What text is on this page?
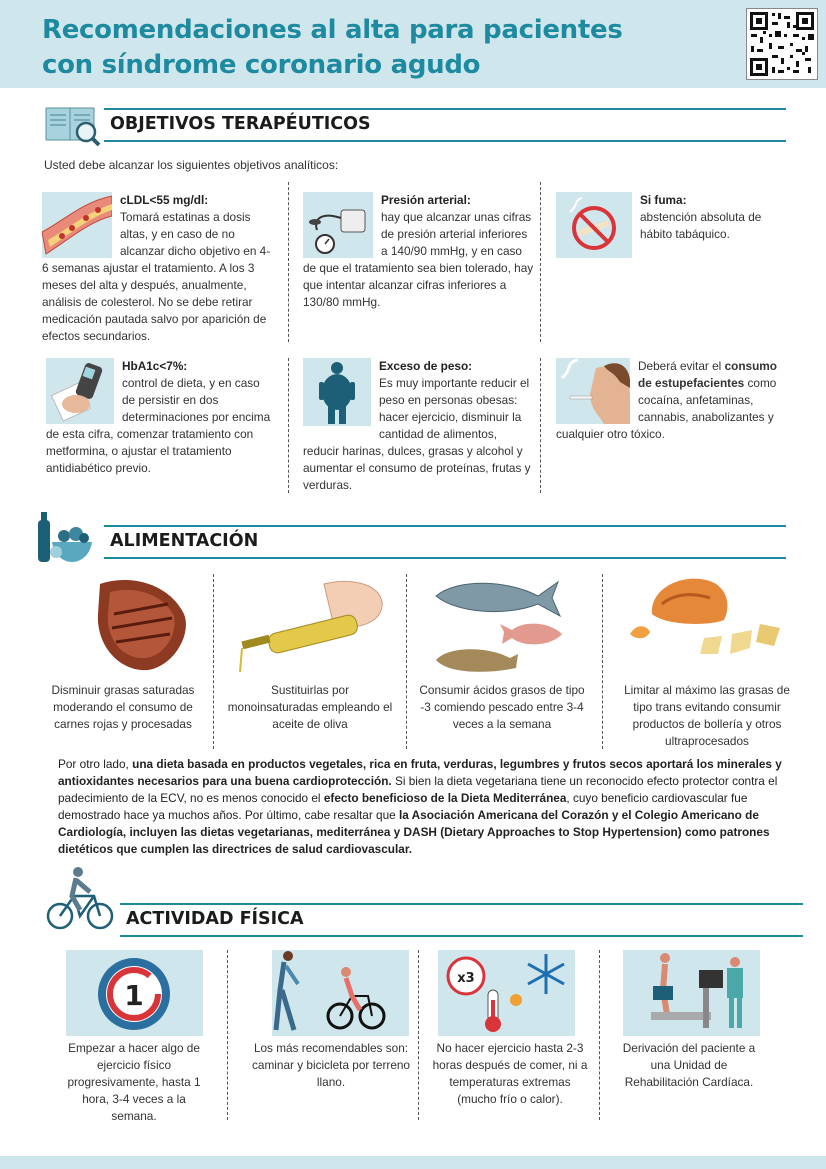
Recomendaciones al alta para pacientes
con síndrome coronario agudo
OBJETIVOS TERAPÉUTICOS
Usted debe alcanzar los siguientes objetivos analíticos:
cLDL<55 mg/dl:
Tomará estatinas a dosis altas, y en caso de no alcanzar dicho objetivo en 4-6 semanas ajustar el tratamiento. A los 3 meses del alta y después, anualmente, análisis de colesterol. No se debe retirar medicación pautada salvo por aparición de efectos secundarios.
Presión arterial:
hay que alcanzar unas cifras de presión arterial inferiores a 140/90 mmHg, y en caso de que el tratamiento sea bien tolerado, hay que intentar alcanzar cifras inferiores a 130/80 mmHg.
Si fuma:
abstención absoluta de hábito tabáquico.
HbA1c<7%:
control de dieta, y en caso de persistir en dos determinaciones por encima de esta cifra, comenzar tratamiento con metformina, o ajustar el tratamiento antidiabético previo.
Exceso de peso:
Es muy importante reducir el peso en personas obesas: hacer ejercicio, disminuir la cantidad de alimentos, reducir harinas, dulces, grasas y alcohol y aumentar el consumo de proteínas, frutas y verduras.
Deberá evitar el consumo de estupefacientes como cocaína, anfetaminas, cannabis, anabolizantes y cualquier otro tóxico.
ALIMENTACIÓN
Disminuir grasas saturadas moderando el consumo de carnes rojas y procesadas
Sustituirlas por monoinsaturadas empleando el aceite de oliva
Consumir ácidos grasos de tipo -3 comiendo pescado entre 3-4 veces a la semana
Limitar al máximo las grasas de tipo trans evitando consumir productos de bollería y otros ultraprocesados
Por otro lado, una dieta basada en productos vegetales, rica en fruta, verduras, legumbres y frutos secos aportará los minerales y antioxidantes necesarios para una buena cardioprotección. Si bien la dieta vegetariana tiene un reconocido efecto protector contra el padecimiento de la ECV, no es menos conocido el efecto beneficioso de la Dieta Mediterránea, cuyo beneficio cardiovascular fue demostrado hace ya muchos años. Por último, cabe resaltar que la Asociación Americana del Corazón y el Colegio Americano de Cardiología, incluyen las dietas vegetarianas, mediterránea y DASH (Dietary Approaches to Stop Hypertension) como patrones dietéticos que cumplen las directrices de salud cardiovascular.
ACTIVIDAD FÍSICA
1
Empezar a hacer algo de ejercicio físico progresivamente, hasta 1 hora, 3-4 veces a la semana.
Los más recomendables son: caminar y bicicleta por terreno llano.
x3
No hacer ejercicio hasta 2-3 horas después de comer, ni a temperaturas extremas (mucho frío o calor).
Derivación del paciente a una Unidad de Rehabilitación Cardíaca.
